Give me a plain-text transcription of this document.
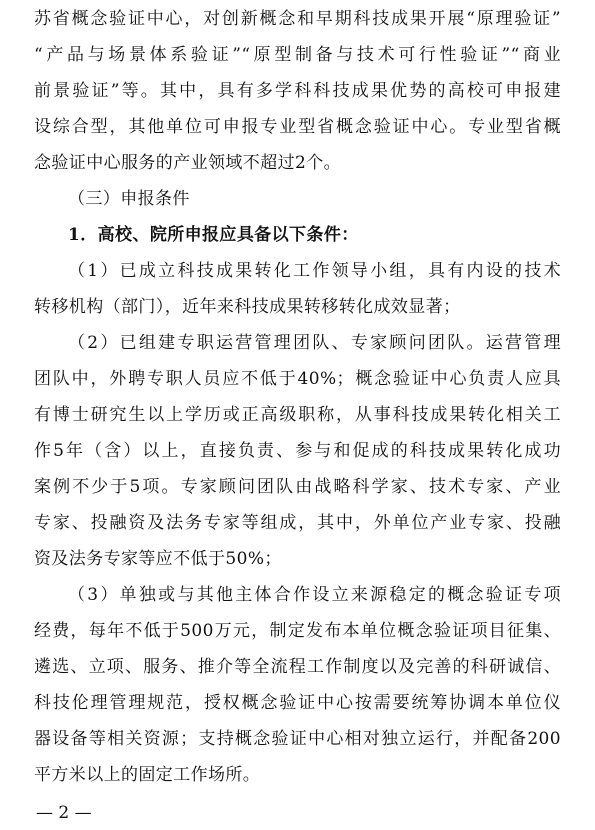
苏省概念验证中心，对创新概念和早期科技成果开展“原理验证”
“产品与场景体系验证”“原型制备与技术可行性验证”“商业
前景验证”等。其中，具有多学科科技成果优势的高校可申报建
设综合型，其他单位可申报专业型省概念验证中心。专业型省概
念验证中心服务的产业领域不超过2个。
（三）申报条件
1．高校、院所申报应具备以下条件：
（1）已成立科技成果转化工作领导小组，具有内设的技术
转移机构（部门），近年来科技成果转移转化成效显著；
（2）已组建专职运营管理团队、专家顾问团队。运营管理
团队中，外聘专职人员应不低于40%；概念验证中心负责人应具
有博士研究生以上学历或正高级职称，从事科技成果转化相关工
作5年（含）以上，直接负责、参与和促成的科技成果转化成功
案例不少于5项。专家顾问团队由战略科学家、技术专家、产业
专家、投融资及法务专家等组成，其中，外单位产业专家、投融
资及法务专家等应不低于50%；
（3）单独或与其他主体合作设立来源稳定的概念验证专项
经费，每年不低于500万元，制定发布本单位概念验证项目征集、
遴选、立项、服务、推介等全流程工作制度以及完善的科研诚信、
科技伦理管理规范，授权概念验证中心按需要统筹协调本单位仪
器设备等相关资源；支持概念验证中心相对独立运行，并配备200
平方米以上的固定工作场所。
— 2 —
